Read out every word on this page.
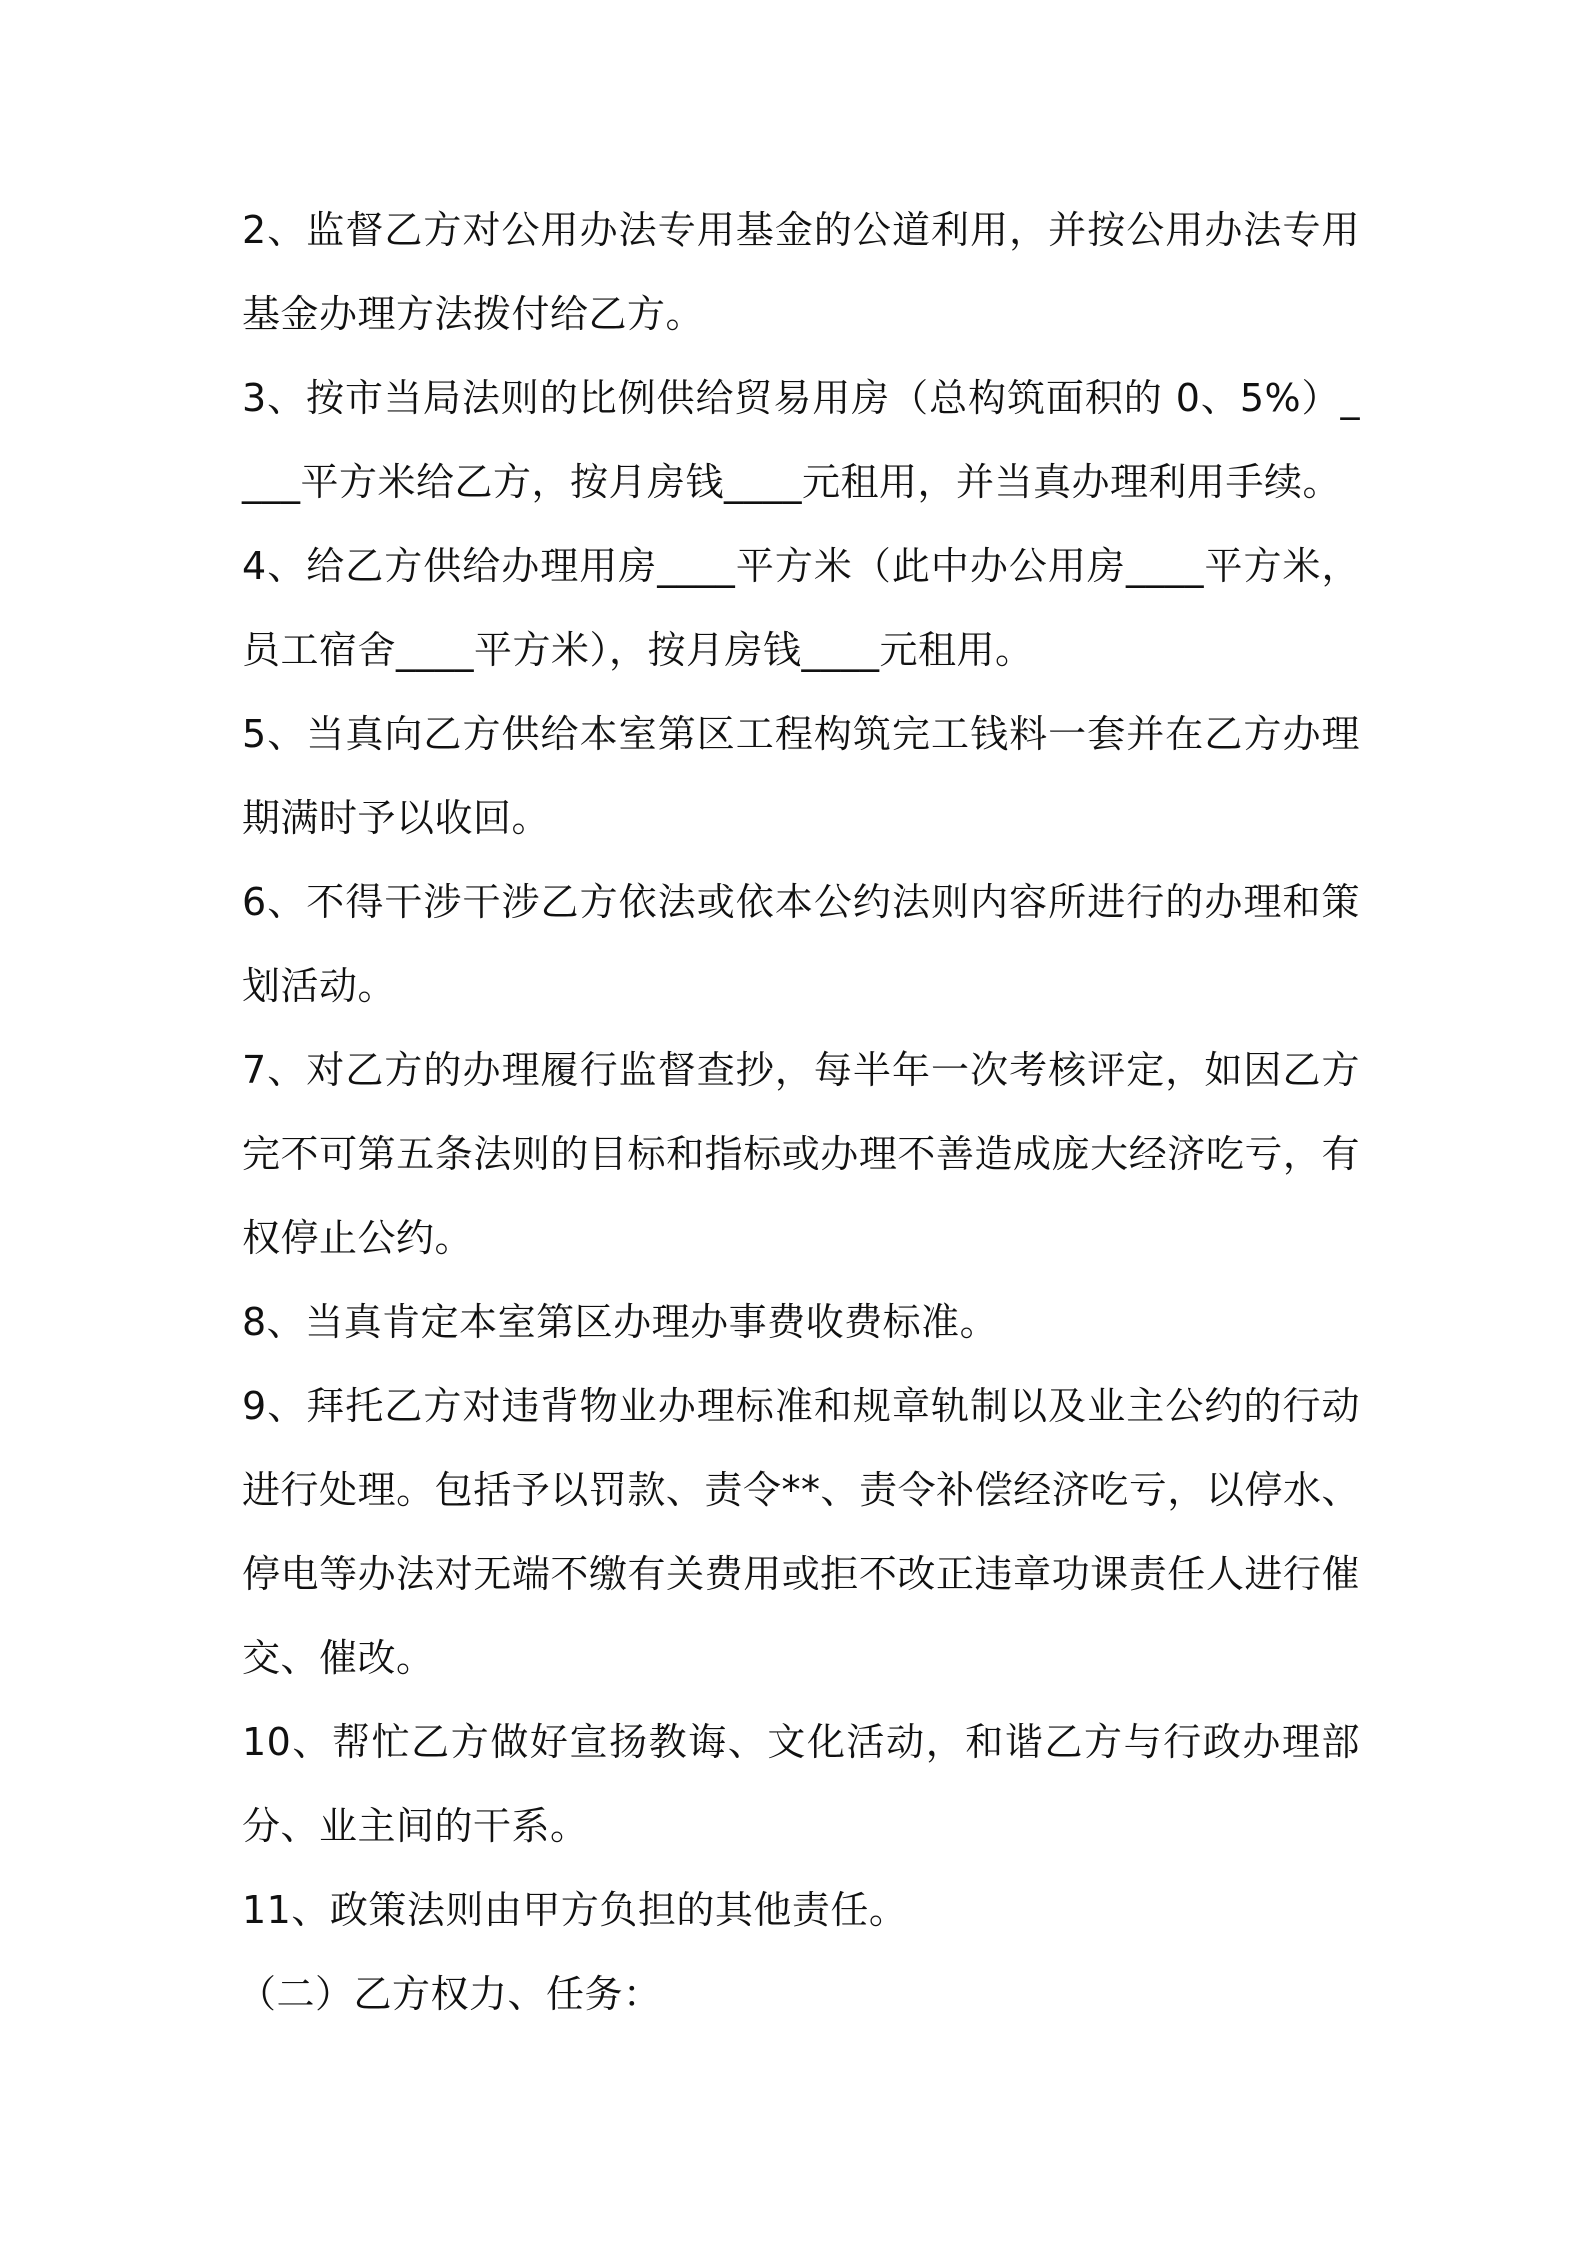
2、监督乙方对公用办法专用基金的公道利用，并按公用办法专用基金办理方法拨付给乙方。

3、按市当局法则的比例供给贸易用房（总构筑面积的 0、5%）____平方米给乙方，按月房钱____元租用，并当真办理利用手续。

4、给乙方供给办理用房____平方米（此中办公用房____平方米，员工宿舍____平方米），按月房钱____元租用。

5、当真向乙方供给本室第区工程构筑完工钱料一套并在乙方办理期满时予以收回。

6、不得干涉干涉乙方依法或依本公约法则内容所进行的办理和策划活动。

7、对乙方的办理履行监督查抄，每半年一次考核评定，如因乙方完不可第五条法则的目标和指标或办理不善造成庞大经济吃亏，有权停止公约。

8、当真肯定本室第区办理办事费收费标准。

9、拜托乙方对违背物业办理标准和规章轨制以及业主公约的行动进行处理。包括予以罚款、责令**、责令补偿经济吃亏，以停水、停电等办法对无端不缴有关费用或拒不改正违章功课责任人进行催交、催改。

10、帮忙乙方做好宣扬教诲、文化活动，和谐乙方与行政办理部分、业主间的干系。

11、政策法则由甲方负担的其他责任。

（二）乙方权力、任务：
